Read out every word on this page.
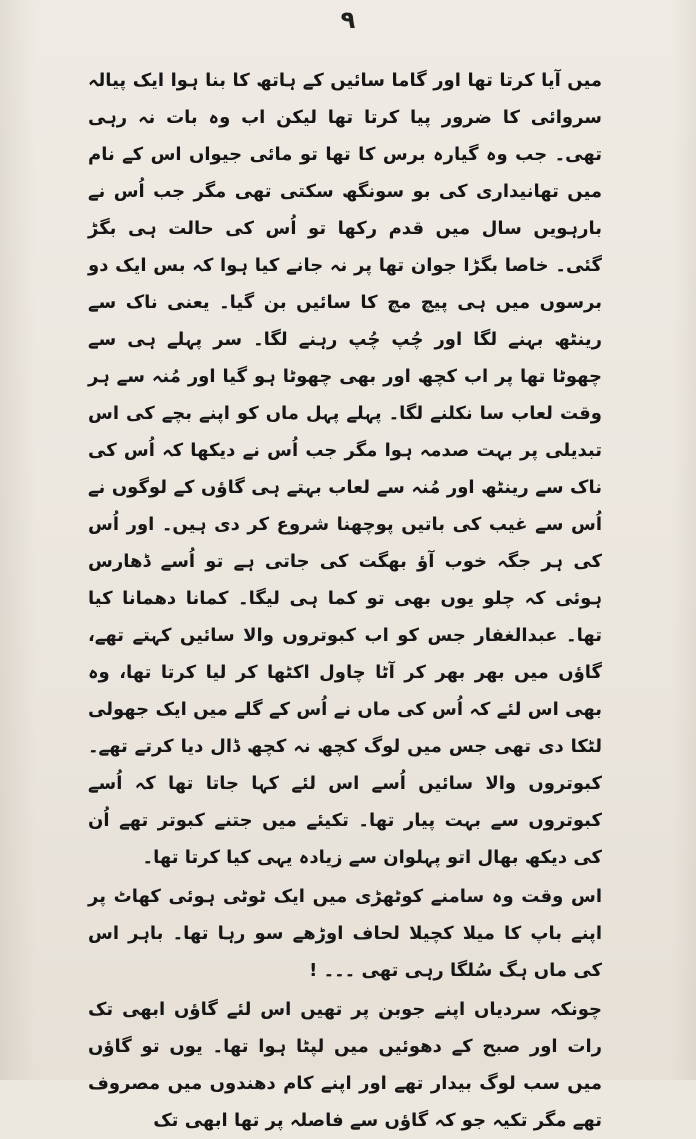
۹

میں آیا کرتا تھا اور گاما سائیں کے ہاتھ کا بنا ہوا ایک پیالہ سروائی کا ضرور پیا کرتا تھا لیکن اب وہ بات نہ رہی تھی۔ جب وہ گیارہ برس کا تھا تو مائی جیواں اس کے نام میں تھانیداری کی بو سونگھ سکتی تھی مگر جب اُس نے بارہویں سال میں قدم رکھا تو اُس کی حالت ہی بگڑ گئی۔ خاصا بگڑا جوان تھا پر نہ جانے کیا ہوا کہ بس ایک دو برسوں میں ہی پیچ مچ کا سائیں بن گیا۔ یعنی ناک سے رینٹھ بہنے لگا اور چُپ چُپ رہنے لگا۔ سر پہلے ہی سے چھوٹا تھا پر اب کچھ اور بھی چھوٹا ہو گیا اور مُنہ سے ہر وقت لعاب سا نکلنے لگا۔ پہلے پہل ماں کو اپنے بچے کی اس تبدیلی پر بہت صدمہ ہوا مگر جب اُس نے دیکھا کہ اُس کی ناک سے رینٹھ اور مُنہ سے لعاب بہتے ہی گاؤں کے لوگوں نے اُس سے غیب کی باتیں پوچھنا شروع کر دی ہیں۔ اور اُس کی ہر جگہ خوب آؤ بھگت کی جاتی ہے تو اُسے ڈھارس ہوئی کہ چلو یوں بھی تو کما ہی لیگا۔ کمانا دھمانا کیا تھا۔ عبدالغفار جس کو اب کبوتروں والا سائیں کہتے تھے، گاؤں میں بھر بھر کر آٹا چاول اکٹھا کر لیا کرتا تھا، وہ بھی اس لئے کہ اُس کی ماں نے اُس کے گلے میں ایک جھولی لٹکا دی تھی جس میں لوگ کچھ نہ کچھ ڈال دیا کرتے تھے۔ کبوتروں والا سائیں اُسے اس لئے کہا جاتا تھا کہ اُسے کبوتروں سے بہت پیار تھا۔ تکیئے میں جتنے کبوتر تھے اُن کی دیکھ بھال اتو پہلوان سے زیادہ یہی کیا کرتا تھا۔

اس وقت وہ سامنے کوٹھڑی میں ایک ٹوٹی ہوئی کھاٹ پر اپنے باپ کا میلا کچیلا لحاف اوڑھے سو رہا تھا۔ باہر اس کی ماں ہگ سُلگا رہی تھی ۔۔۔ !

چونکہ سردیاں اپنے جوبن پر تھیں اس لئے گاؤں ابھی تک رات اور صبح کے دھوئیں میں لپٹا ہوا تھا۔ یوں تو گاؤں میں سب لوگ بیدار تھے اور اپنے کام دھندوں میں مصروف تھے مگر تکیہ جو کہ گاؤں سے فاصلہ پر تھا ابھی تک
